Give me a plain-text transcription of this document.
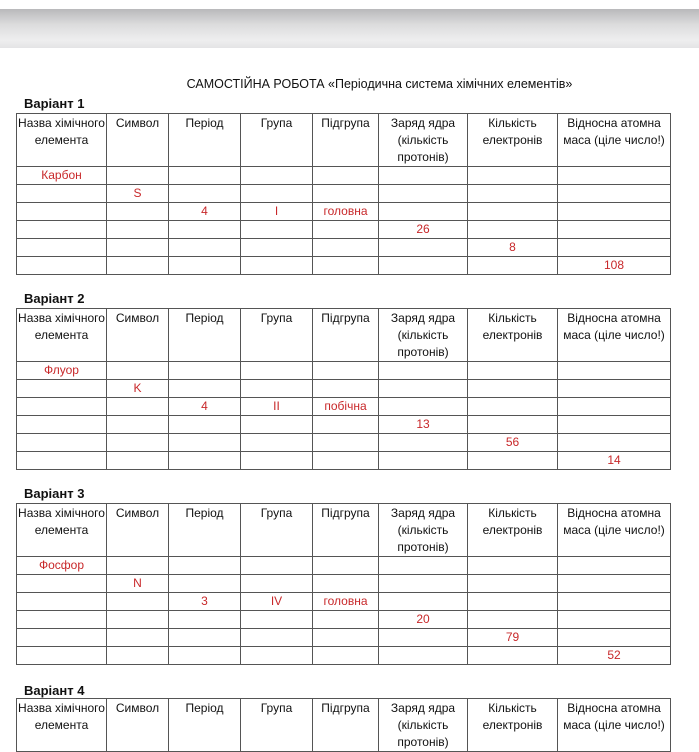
САМОСТІЙНА РОБОТА «Періодична система хімічних елементів»
Варіант 1
Назва хімічного елемента	Символ	Період	Група	Підгрупа	Заряд ядра (кількість протонів)	Кількість електронів	Відносна атомна маса (ціле число!)
Карбон							
	S						
		4	I	головна			
					26		
						8	
							108
Варіант 2
Назва хімічного елемента	Символ	Період	Група	Підгрупа	Заряд ядра (кількість протонів)	Кількість електронів	Відносна атомна маса (ціле число!)
Флуор							
	K						
		4	II	побічна			
					13		
						56	
							14
Варіант 3
Назва хімічного елемента	Символ	Період	Група	Підгрупа	Заряд ядра (кількість протонів)	Кількість електронів	Відносна атомна маса (ціле число!)
Фосфор							
	N						
		3	IV	головна			
					20		
						79	
							52
Варіант 4
Назва хімічного елемента	Символ	Період	Група	Підгрупа	Заряд ядра (кількість протонів)	Кількість електронів	Відносна атомна маса (ціле число!)
